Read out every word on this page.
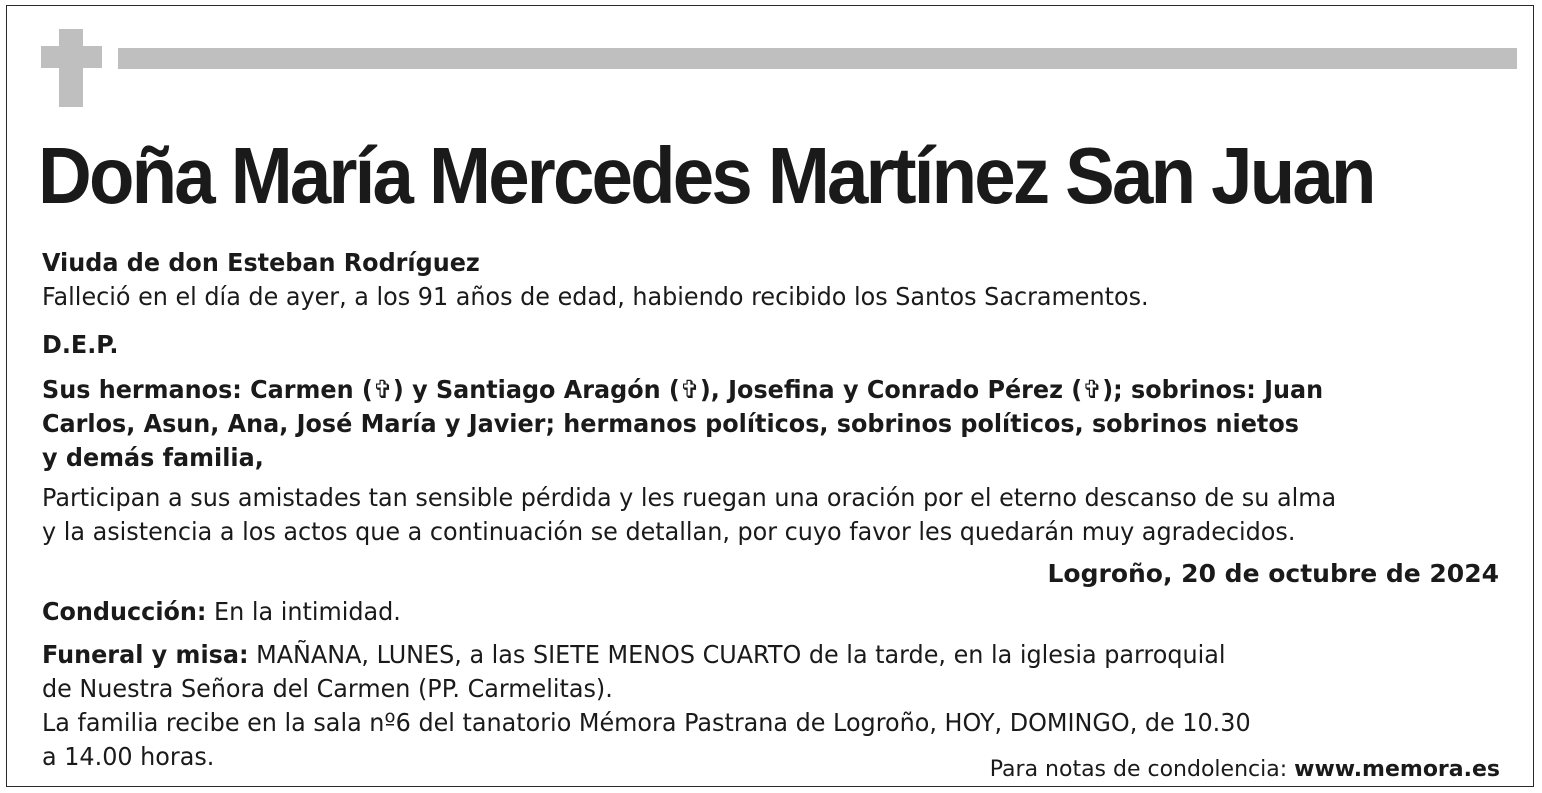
Doña María Mercedes Martínez San Juan

Viuda de don Esteban Rodríguez

Falleció en el día de ayer, a los 91 años de edad, habiendo recibido los Santos Sacramentos.

D.E.P.

Sus hermanos: Carmen (✞) y Santiago Aragón (✞), Josefina y Conrado Pérez (✞); sobrinos: Juan

Carlos, Asun, Ana, José María y Javier; hermanos políticos, sobrinos políticos, sobrinos nietos

y demás familia,

Participan a sus amistades tan sensible pérdida y les ruegan una oración por el eterno descanso de su alma

y la asistencia a los actos que a continuación se detallan, por cuyo favor les quedarán muy agradecidos.

Logroño, 20 de octubre de 2024

Conducción: En la intimidad.

Funeral y misa: MAÑANA, LUNES, a las SIETE MENOS CUARTO de la tarde, en la iglesia parroquial

de Nuestra Señora del Carmen (PP. Carmelitas).

La familia recibe en la sala nº6 del tanatorio Mémora Pastrana de Logroño, HOY, DOMINGO, de 10.30

a 14.00 horas.	Para notas de condolencia: www.memora.es
